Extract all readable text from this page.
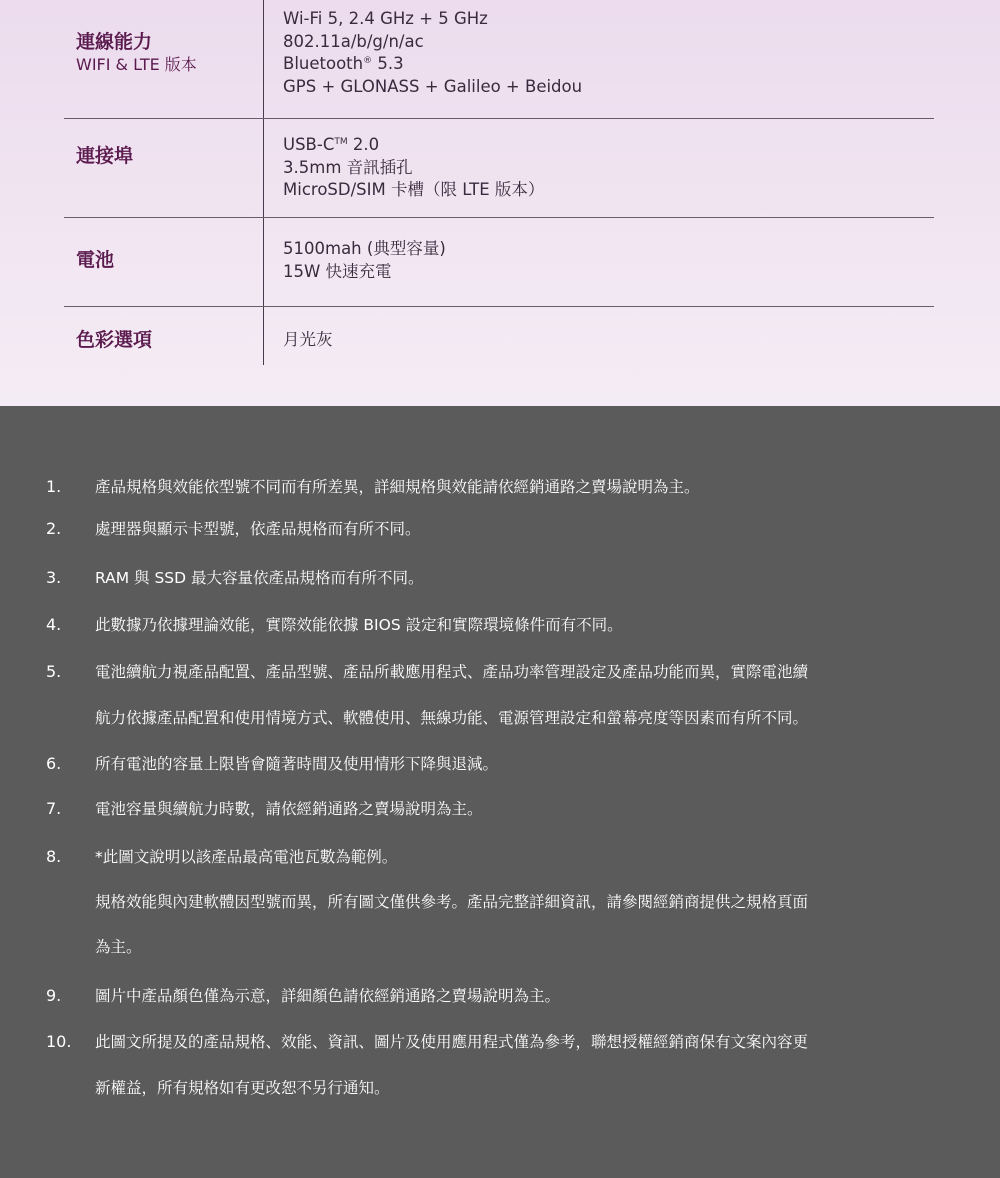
連線能力
WIFI & LTE 版本
Wi-Fi 5, 2.4 GHz + 5 GHz
802.11a/b/g/n/ac
Bluetooth® 5.3
GPS + GLONASS + Galileo + Beidou
連接埠
USB-C™ 2.0
3.5mm 音訊插孔
MicroSD/SIM 卡槽（限 LTE 版本）
電池
5100mah (典型容量)
15W 快速充電
色彩選項	月光灰
1. 產品規格與效能依型號不同而有所差異，詳細規格與效能請依經銷通路之賣場說明為主。
2. 處理器與顯示卡型號，依產品規格而有所不同。
3. RAM 與 SSD 最大容量依產品規格而有所不同。
4. 此數據乃依據理論效能，實際效能依據 BIOS 設定和實際環境條件而有不同。
5. 電池續航力視產品配置、產品型號、產品所載應用程式、產品功率管理設定及產品功能而異，實際電池續
航力依據產品配置和使用情境方式、軟體使用、無線功能、電源管理設定和螢幕亮度等因素而有所不同。
6. 所有電池的容量上限皆會隨著時間及使用情形下降與退減。
7. 電池容量與續航力時數，請依經銷通路之賣場說明為主。
8. *此圖文說明以該產品最高電池瓦數為範例。
規格效能與內建軟體因型號而異，所有圖文僅供參考。產品完整詳細資訊，請參閱經銷商提供之規格頁面
為主。
9. 圖片中產品顏色僅為示意，詳細顏色請依經銷通路之賣場說明為主。
10. 此圖文所提及的產品規格、效能、資訊、圖片及使用應用程式僅為參考，聯想授權經銷商保有文案內容更
新權益，所有規格如有更改恕不另行通知。
